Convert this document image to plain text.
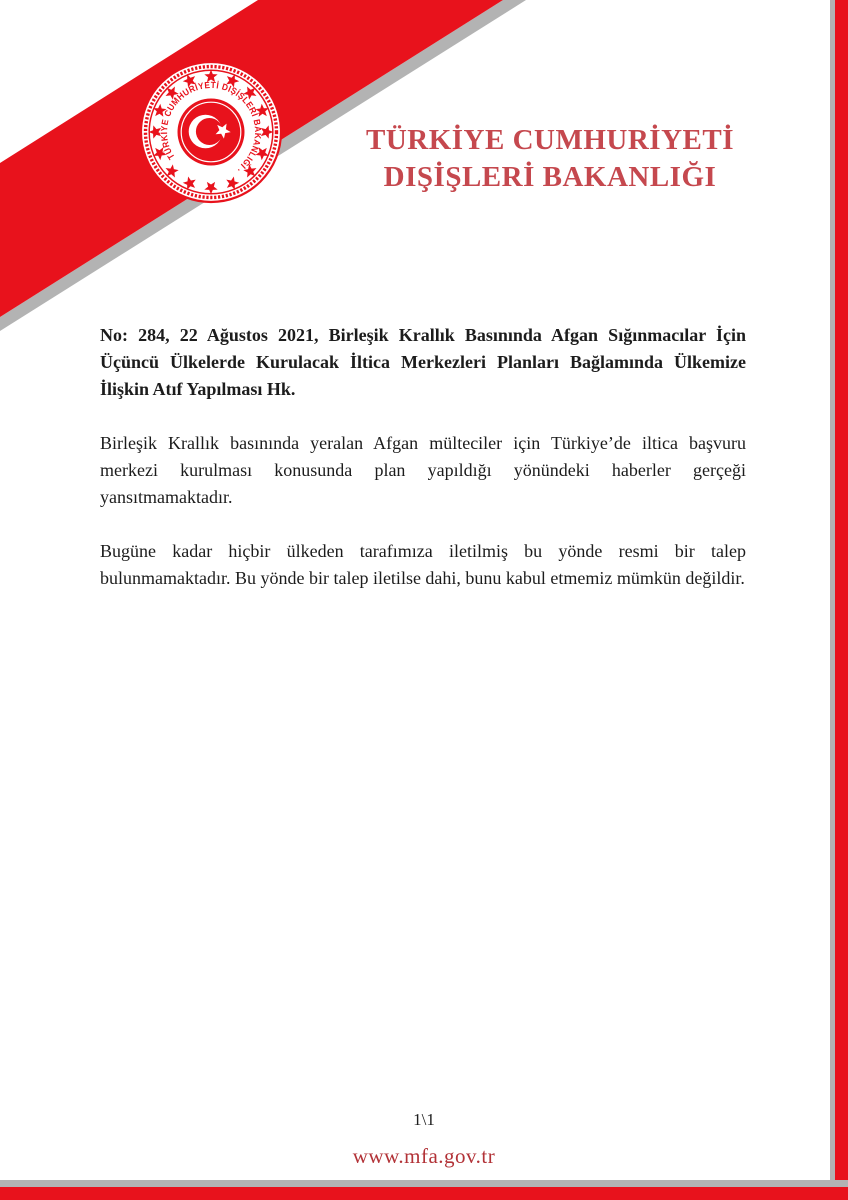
TÜRKİYE CUMHURİYETİ DIŞİŞLERİ BAKANLIĞI ·
TÜRKİYE CUMHURİYETİ
DIŞİŞLERİ BAKANLIĞI

No: 284, 22 Ağustos 2021, Birleşik Krallık Basınında Afgan Sığınmacılar İçin Üçüncü Ülkelerde Kurulacak İltica Merkezleri Planları Bağlamında Ülkemize İlişkin Atıf Yapılması Hk.

Birleşik Krallık basınında yeralan Afgan mülteciler için Türkiye’de iltica başvuru merkezi kurulması konusunda plan yapıldığı yönündeki haberler gerçeği yansıtmamaktadır.

Bugüne kadar hiçbir ülkeden tarafımıza iletilmiş bu yönde resmi bir talep bulunmamaktadır. Bu yönde bir talep iletilse dahi, bunu kabul etmemiz mümkün değildir.

1\1
www.mfa.gov.tr
